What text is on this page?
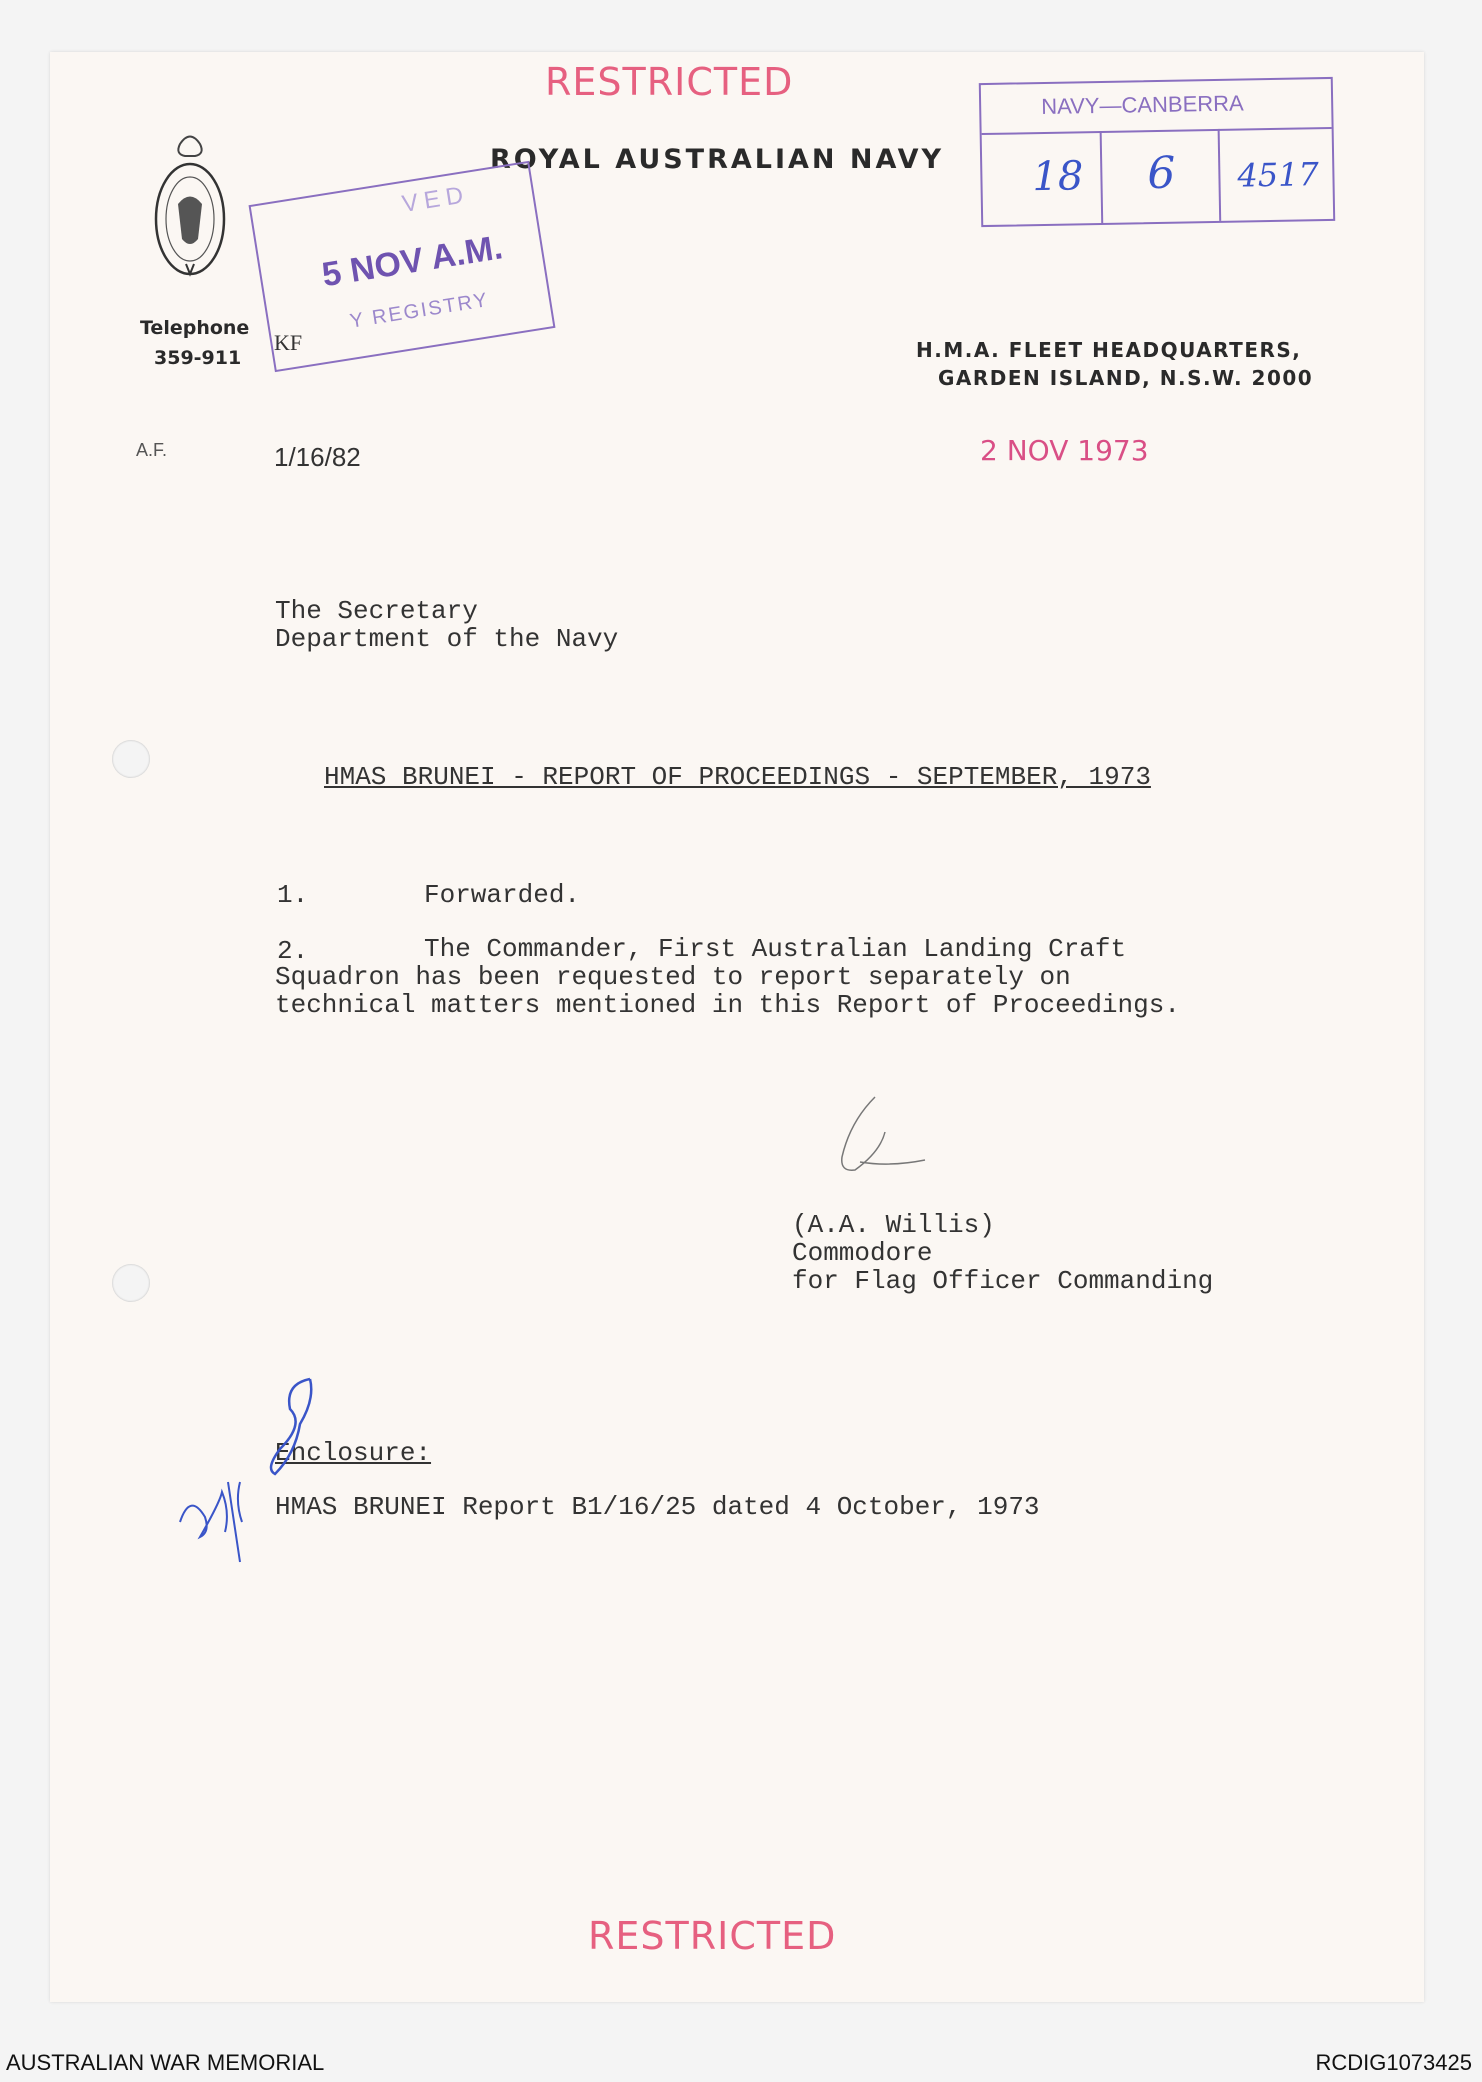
RESTRICTED
ROYAL AUSTRALIAN NAVY
NAVY—CANBERRA
18 6 4517
VED
5 NOV A.M.
Y REGISTRY
Telephone
359-911
KF	H.M.A. FLEET HEADQUARTERS,
GARDEN ISLAND, N.S.W. 2000
A.F.	1/16/82	2 NOV 1973
The Secretary
Department of the Navy
HMAS BRUNEI - REPORT OF PROCEEDINGS - SEPTEMBER, 1973
1.	Forwarded.
2.	The Commander, First Australian Landing Craft
Squadron has been requested to report separately on
technical matters mentioned in this Report of Proceedings.
(A.A. Willis)
Commodore
for Flag Officer Commanding
Enclosure:
HMAS BRUNEI Report B1/16/25 dated 4 October, 1973
RESTRICTED
AUSTRALIAN WAR MEMORIAL	RCDIG1073425
